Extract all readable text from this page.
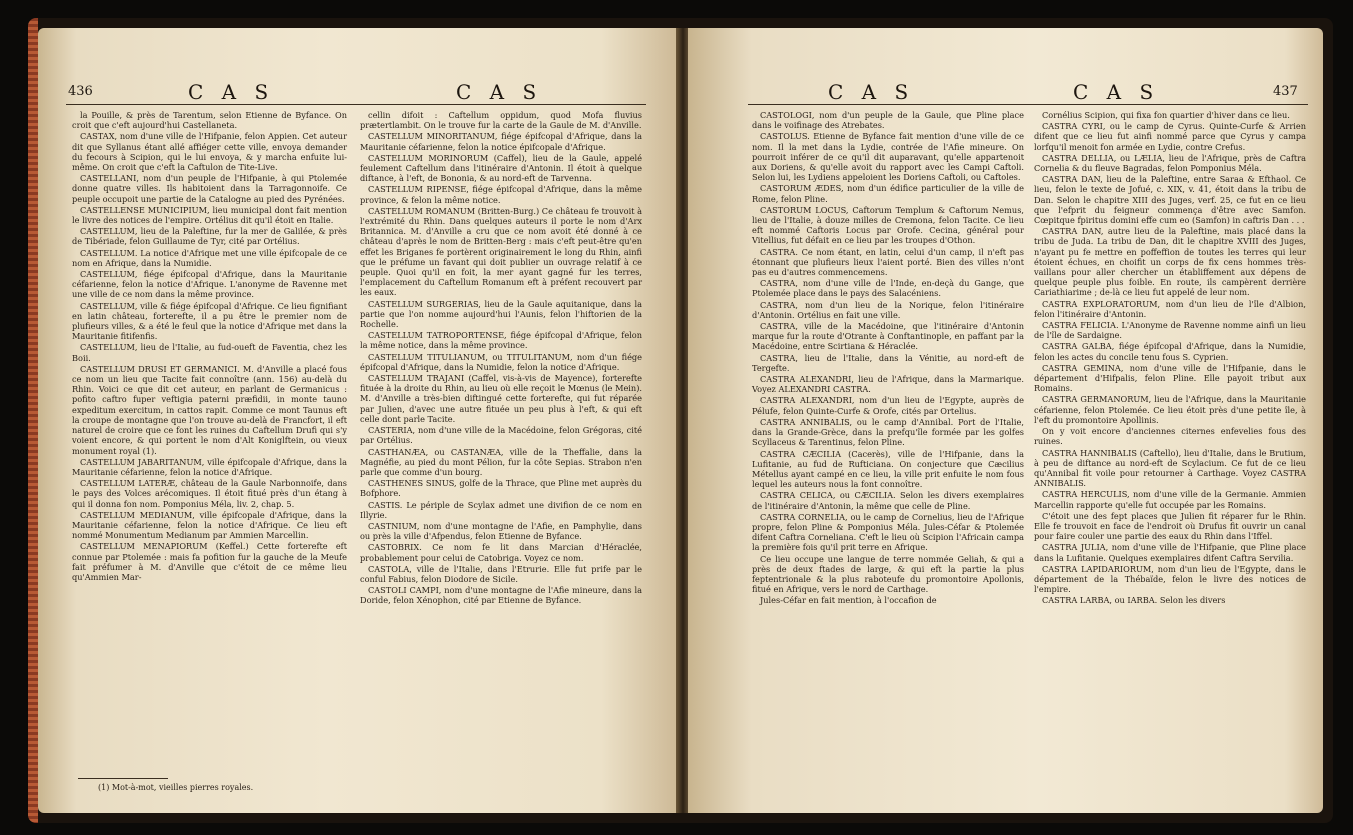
436	C A S	C A S

la Pouille, & près de Tarentum, selon Etienne de Byfance. On croit que c'eft aujourd'hui Castellaneta.

CASTAX, nom d'une ville de l'Hifpanie, felon Appien. Cet auteur dit que Syllanus étant allé affiéger cette ville, envoya demander du fecours à Scipion, qui le lui envoya, & y marcha enfuite lui-même. On croit que c'eft la Caftulon de Tite-Live.

CASTELLANI, nom d'un peuple de l'Hifpanie, à qui Ptolemée donne quatre villes. Ils habitoient dans la Tarragonnoife. Ce peuple occupoit une partie de la Catalogne au pied des Pyrénées.

CASTELLENSE MUNICIPIUM, lieu municipal dont fait mention le livre des notices de l'empire. Ortélius dit qu'il étoit en Italie.

CASTELLUM, lieu de la Paleftine, fur la mer de Galilée, & près de Tibériade, felon Guillaume de Tyr, cité par Ortélius.

CASTELLUM. La notice d'Afrique met une ville épifcopale de ce nom en Afrique, dans la Numidie.

CASTELLUM, fiége épifcopal d'Afrique, dans la Mauritanie céfarienne, felon la notice d'Afrique. L'anonyme de Ravenne met une ville de ce nom dans la même province.

CASTELLUM, ville & fiége épifcopal d'Afrique. Ce lieu fignifiant en latin château, forterefte, il a pu être le premier nom de plufieurs villes, & a été le feul que la notice d'Afrique met dans la Mauritanie fitifenfis.

CASTELLUM, lieu de l'Italie, au fud-oueft de Faventia, chez les Boii.

CASTELLUM DRUSI ET GERMANICI. M. d'Anville a placé fous ce nom un lieu que Tacite fait connoître (ann. 156) au-delà du Rhin. Voici ce que dit cet auteur, en parlant de Germanicus : pofito caftro fuper veftigia paterni præfidii, in monte tauno expeditum exercitum, in cattos rapit. Comme ce mont Taunus eft la croupe de montagne que l'on trouve au-delà de Francfort, il eft naturel de croire que ce font les ruines du Caftellum Drufi qui s'y voient encore, & qui portent le nom d'Alt Koniglftein, ou vieux monument royal (1).

CASTELLUM JABARITANUM, ville épifcopale d'Afrique, dans la Mauritanie céfarienne, felon la notice d'Afrique.

CASTELLUM LATERÆ, château de la Gaule Narbonnoife, dans le pays des Volces arécomiques. Il étoit fitué près d'un étang à qui il donna fon nom. Pomponius Méla, liv. 2, chap. 5.

CASTELLUM MEDIANUM, ville épifcopale d'Afrique, dans la Mauritanie céfarienne, felon la notice d'Afrique. Ce lieu eft nommé Monumentum Medianum par Ammien Marcellin.

CASTELLUM MENAPIORUM (Keffel.) Cette forterefte eft connue par Ptolemée : mais fa pofition fur la gauche de la Meufe fait préfumer à M. d'Anville que c'étoit de ce même lieu qu'Ammien Mar-

cellin difoit : Caftellum oppidum, quod Mofa fluvius prætertlambit. On le trouve fur la carte de la Gaule de M. d'Anville.

CASTELLUM MINORITANUM, fiége épifcopal d'Afrique, dans la Mauritanie céfarienne, felon la notice épifcopale d'Afrique.

CASTELLUM MORINORUM (Caffel), lieu de la Gaule, appelé feulement Caftellum dans l'itinéraire d'Antonin. Il étoit à quelque diftance, à l'eft, de Bononia, & au nord-eft de Tarvenna.

CASTELLUM RIPENSE, fiége épifcopal d'Afrique, dans la même province, & felon la même notice.

CASTELLUM ROMANUM (Britten-Burg.) Ce château fe trouvoit à l'extrémité du Rhin. Dans quelques auteurs il porte le nom d'Arx Britannica. M. d'Anville a cru que ce nom avoit été donné à ce château d'après le nom de Britten-Berg : mais c'eft peut-être qu'en effet les Briganes fe portèrent originairement le long du Rhin, ainfi que le préfume un favant qui doit publier un ouvrage relatif à ce peuple. Quoi qu'il en foit, la mer ayant gagné fur les terres, l'emplacement du Caftellum Romanum eft à préfent recouvert par les eaux.

CASTELLUM SURGERIAS, lieu de la Gaule aquitanique, dans la partie que l'on nomme aujourd'hui l'Aunis, felon l'hiftorien de la Rochelle.

CASTELLUM TATROPORTENSE, fiége épifcopal d'Afrique, felon la même notice, dans la même province.

CASTELLUM TITULIANUM, ou TITULITANUM, nom d'un fiége épifcopal d'Afrique, dans la Numidie, felon la notice d'Afrique.

CASTELLUM TRAJANI (Caffel, vis-à-vis de Mayence), forterefte fituée à la droite du Rhin, au lieu où elle reçoit le Mœnus (le Mein). M. d'Anville a très-bien diftingué cette forterefte, qui fut réparée par Julien, d'avec une autre fituée un peu plus à l'eft, & qui eft celle dont parle Tacite.

CASTERIA, nom d'une ville de la Macédoine, felon Grégoras, cité par Ortélius.

CASTHANÆA, ou CASTANÆA, ville de la Theffalie, dans la Magnéfie, au pied du mont Pélion, fur la côte Sepias. Strabon n'en parle que comme d'un bourg.

CASTHENES SINUS, golfe de la Thrace, que Pline met auprès du Bofphore.

CASTIS. Le périple de Scylax admet une divifion de ce nom en Illyrie.

CASTNIUM, nom d'une montagne de l'Afie, en Pamphylie, dans ou près la ville d'Afpendus, felon Etienne de Byfance.

CASTOBRIX. Ce nom fe lit dans Marcian d'Héraclée, probablement pour celui de Catobriga. Voyez ce nom.

CASTOLA, ville de l'Italie, dans l'Etrurie. Elle fut prife par le conful Fabius, felon Diodore de Sicile.

CASTOLI CAMPI, nom d'une montagne de l'Afie mineure, dans la Doride, felon Xénophon, cité par Etienne de Byfance.

(1) Mot-à-mot, vieilles pierres royales.
C A S	C A S	437

CASTOLOGI, nom d'un peuple de la Gaule, que Pline place dans le voifinage des Atrebates.

CASTOLUS. Etienne de Byfance fait mention d'une ville de ce nom. Il la met dans la Lydie, contrée de l'Afie mineure. On pourroit inférer de ce qu'il dit auparavant, qu'elle appartenoit aux Doriens, & qu'elle avoit du rapport avec les Campi Caftoli. Selon lui, les Lydiens appeloient les Doriens Caftoli, ou Caftoles.

CASTORUM ÆDES, nom d'un édifice particulier de la ville de Rome, felon Pline.

CASTORUM LOCUS, Caftorum Templum & Caftorum Nemus, lieu de l'Italie, à douze milles de Cremona, felon Tacite. Ce lieu eft nommé Caftoris Locus par Orofe. Cecina, général pour Vitellius, fut défait en ce lieu par les troupes d'Othon.

CASTRA. Ce nom étant, en latin, celui d'un camp, il n'eft pas étonnant que plufieurs lieux l'aient porté. Bien des villes n'ont pas eu d'autres commencemens.

CASTRA, nom d'une ville de l'Inde, en-deçà du Gange, que Ptolemée place dans le pays des Salacéniens.

CASTRA, nom d'un lieu de la Norique, felon l'itinéraire d'Antonin. Ortélius en fait une ville.

CASTRA, ville de la Macédoine, que l'itinéraire d'Antonin marque fur la route d'Otrante à Conftantinople, en paffant par la Macédoine, entre Scirtiana & Héraclée.

CASTRA, lieu de l'Italie, dans la Vénitie, au nord-eft de Tergefte.

CASTRA ALEXANDRI, lieu de l'Afrique, dans la Marmarique. Voyez ALEXANDRI CASTRA.

CASTRA ALEXANDRI, nom d'un lieu de l'Egypte, auprès de Pélufe, felon Quinte-Curfe & Orofe, cités par Ortelius.

CASTRA ANNIBALIS, ou le camp d'Annibal. Port de l'Italie, dans la Grande-Grèce, dans la prefqu'île formée par les golfes Scyllaceus & Tarentinus, felon Pline.

CASTRA CÆCILIA (Cacerès), ville de l'Hifpanie, dans la Lufitanie, au fud de Rufticiana. On conjecture que Cæcilius Métellus ayant campé en ce lieu, la ville prit enfuite le nom fous lequel les auteurs nous la font connoître.

CASTRA CELICA, ou CÆCILIA. Selon les divers exemplaires de l'itinéraire d'Antonin, la même que celle de Pline.

CASTRA CORNELIA, ou le camp de Cornelius, lieu de l'Afrique propre, felon Pline & Pomponius Méla. Jules-Céfar & Ptolemée difent Caftra Corneliana. C'eft le lieu où Scipion l'Africain campa la première fois qu'il prit terre en Afrique.

Ce lieu occupe une langue de terre nommée Geliah, & qui a près de deux ftades de large, & qui eft la partie la plus feptentrionale & la plus raboteufe du promontoire Apollonis, fitué en Afrique, vers le nord de Carthage.

Jules-Céfar en fait mention, à l'occafion de

Cornélius Scipion, qui fixa fon quartier d'hiver dans ce lieu.

CASTRA CYRI, ou le camp de Cyrus. Quinte-Curfe & Arrien difent que ce lieu fut ainfi nommé parce que Cyrus y campa lorfqu'il menoit fon armée en Lydie, contre Crefus.

CASTRA DELLIA, ou LÆLIA, lieu de l'Afrique, près de Caftra Cornelia & du fleuve Bagradas, felon Pomponius Méla.

CASTRA DAN, lieu de la Paleftine, entre Saraa & Efthaol. Ce lieu, felon le texte de Jofué, c. XIX, v. 41, étoit dans la tribu de Dan. Selon le chapitre XIII des Juges, verf. 25, ce fut en ce lieu que l'efprit du feigneur commença d'être avec Samfon. Cœpitque fpiritus domini effe cum eo (Samfon) in caftris Dan . . .

CASTRA DAN, autre lieu de la Paleftine, mais placé dans la tribu de Juda. La tribu de Dan, dit le chapitre XVIII des Juges, n'ayant pu fe mettre en poffeffion de toutes les terres qui leur étoient échues, en choifit un corps de fix cens hommes très-vaillans pour aller chercher un établiffement aux dépens de quelque peuple plus foible. En route, ils campèrent derrière Cariathiarime ; de-là ce lieu fut appelé de leur nom.

CASTRA EXPLORATORUM, nom d'un lieu de l'île d'Albion, felon l'itinéraire d'Antonin.

CASTRA FELICIA. L'Anonyme de Ravenne nomme ainfi un lieu de l'île de Sardaigne.

CASTRA GALBA, fiége épifcopal d'Afrique, dans la Numidie, felon les actes du concile tenu fous S. Cyprien.

CASTRA GEMINA, nom d'une ville de l'Hifpanie, dans le département d'Hifpalis, felon Pline. Elle payoit tribut aux Romains.

CASTRA GERMANORUM, lieu de l'Afrique, dans la Mauritanie céfarienne, felon Ptolemée. Ce lieu étoit près d'une petite île, à l'eft du promontoire Apollinis.

On y voit encore d'anciennes citernes enfevelies fous des ruines.

CASTRA HANNIBALIS (Caftello), lieu d'Italie, dans le Brutium, à peu de diftance au nord-eft de Scylacium. Ce fut de ce lieu qu'Annibal fit voile pour retourner à Carthage. Voyez CASTRA ANNIBALIS.

CASTRA HERCULIS, nom d'une ville de la Germanie. Ammien Marcellin rapporte qu'elle fut occupée par les Romains.

C'étoit une des fept places que Julien fit réparer fur le Rhin. Elle fe trouvoit en face de l'endroit où Drufus fit ouvrir un canal pour faire couler une partie des eaux du Rhin dans l'Iffel.

CASTRA JULIA, nom d'une ville de l'Hifpanie, que Pline place dans la Lufitanie. Quelques exemplaires difent Caftra Servilia.

CASTRA LAPIDARIORUM, nom d'un lieu de l'Egypte, dans le département de la Thébaïde, felon le livre des notices de l'empire.

CASTRA LARBA, ou IARBA. Selon les divers
